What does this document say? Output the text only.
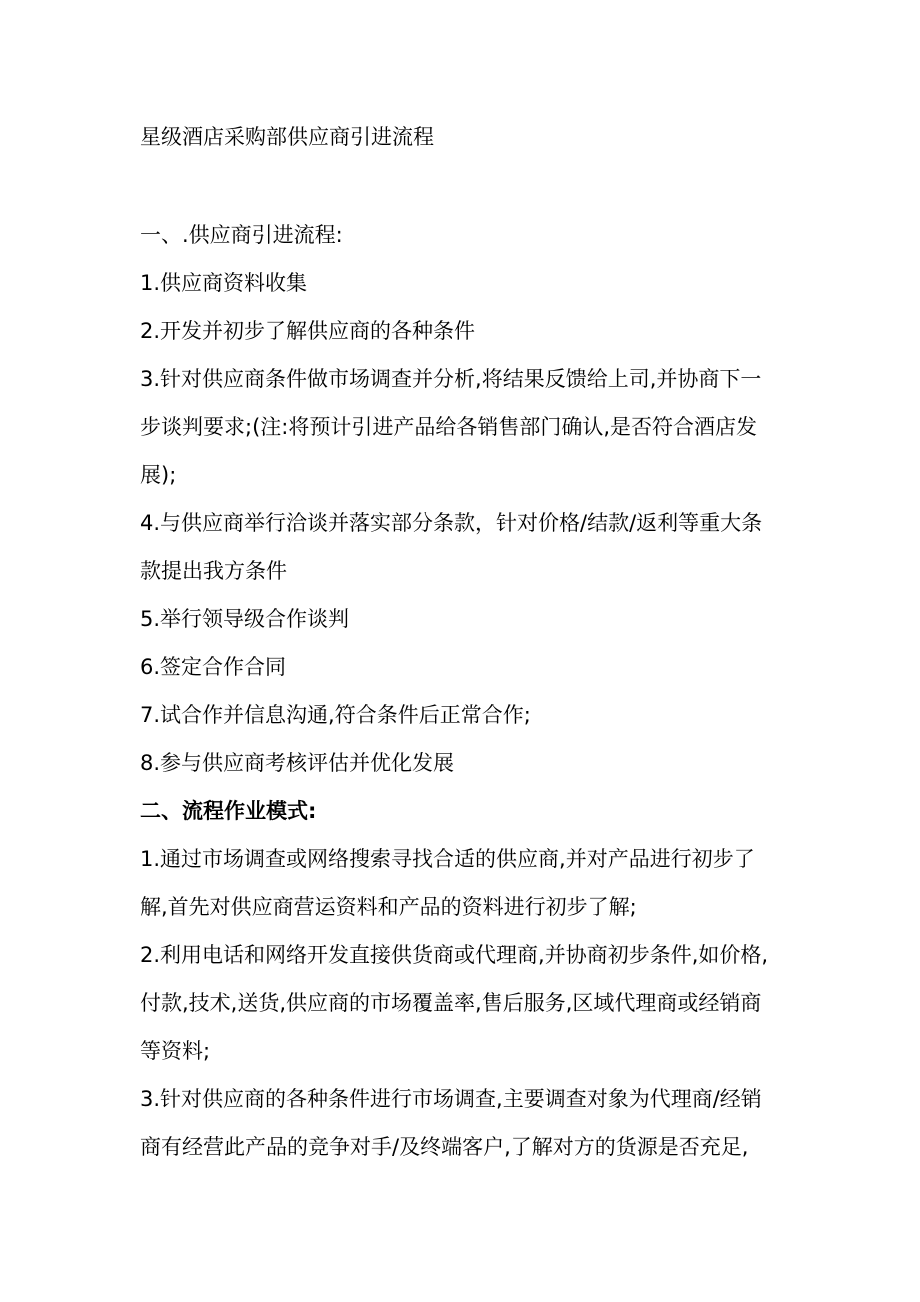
星级酒店采购部供应商引进流程

一、.供应商引进流程:

1.供应商资料收集

2.开发并初步了解供应商的各种条件

3.针对供应商条件做市场调查并分析,将结果反馈给上司,并协商下一

步谈判要求;(注:将预计引进产品给各销售部门确认,是否符合酒店发

展);

4.与供应商举行洽谈并落实部分条款，针对价格/结款/返利等重大条

款提出我方条件

5.举行领导级合作谈判

6.签定合作合同

7.试合作并信息沟通,符合条件后正常合作;

8.参与供应商考核评估并优化发展

二、流程作业模式:

1.通过市场调查或网络搜索寻找合适的供应商,并对产品进行初步了

解,首先对供应商营运资料和产品的资料进行初步了解;

2.利用电话和网络开发直接供货商或代理商,并协商初步条件,如价格,

付款,技术,送货,供应商的市场覆盖率,售后服务,区域代理商或经销商

等资料;

3.针对供应商的各种条件进行市场调查,主要调查对象为代理商/经销

商有经营此产品的竞争对手/及终端客户,了解对方的货源是否充足,
